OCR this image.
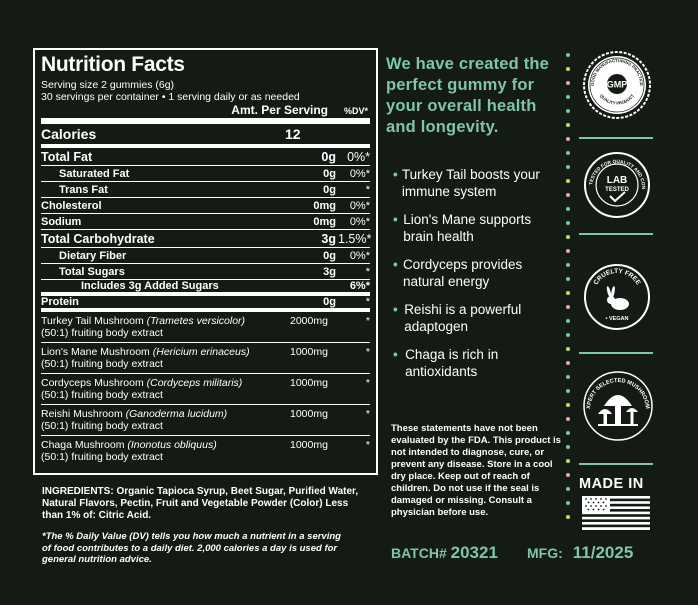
Nutrition Facts
Serving size 2 gummies (6g)
30 servings per container • 1 serving daily or as needed
Amt. Per Serving	%DV*
Calories	12
Total Fat	0g 0%*
Saturated Fat	0g	0%*
Trans Fat	0g	*
Cholesterol	0mg	0%*
Sodium	0mg	0%*
Total Carbohydrate	3g 1.5%*
Dietary Fiber	0g	0%*
Total Sugars	3g	*
Includes 3g Added Sugars	6%*
Protein	0g	*
Turkey Tail Mushroom (Trametes versicolor)
(50:1) fruiting body extract
2000mg	*
Lion's Mane Mushroom (Hericium erinaceus)
(50:1) fruiting body extract
1000mg	*
Cordyceps Mushroom (Cordyceps militaris)
(50:1) fruiting body extract
1000mg	*
Reishi Mushroom (Ganoderma lucidum)
(50:1) fruiting body extract
1000mg	*
Chaga Mushroom (Inonotus obliquus)
(50:1) fruiting body extract
1000mg	*
INGREDIENTS: Organic Tapioca Syrup, Beet Sugar, Purified Water, Natural Flavors, Pectin, Fruit and Vegetable Powder (Color) Less than 1% of: Citric Acid.
*The % Daily Value (DV) tells you how much a nutrient in a serving of food contributes to a daily diet. 2,000 calories a day is used for general nutrition advice.
We have created the perfect gummy for your overall health and longevity.
• Turkey Tail boosts your immune system
• Lion's Mane supports brain health
• Cordyceps provides natural energy
• Reishi is a powerful adaptogen
• Chaga is rich in antioxidants
These statements have not been evaluated by the FDA. This product is not intended to diagnose, cure, or prevent any disease. Store in a cool dry place. Keep out of reach of children. Do not use if the seal is damaged or missing. Consult a physician before use.
BATCH# 20321 MFG: 11/2025
GOOD MANUFACTURING PRACTICE
QUALITY PRODUCT
GMP
TESTED FOR QUALITY AND CON
LAB
TESTED
CRUELTY FREE
• VEGAN
XPERT SELECTED MUSHROOM
MADE IN
